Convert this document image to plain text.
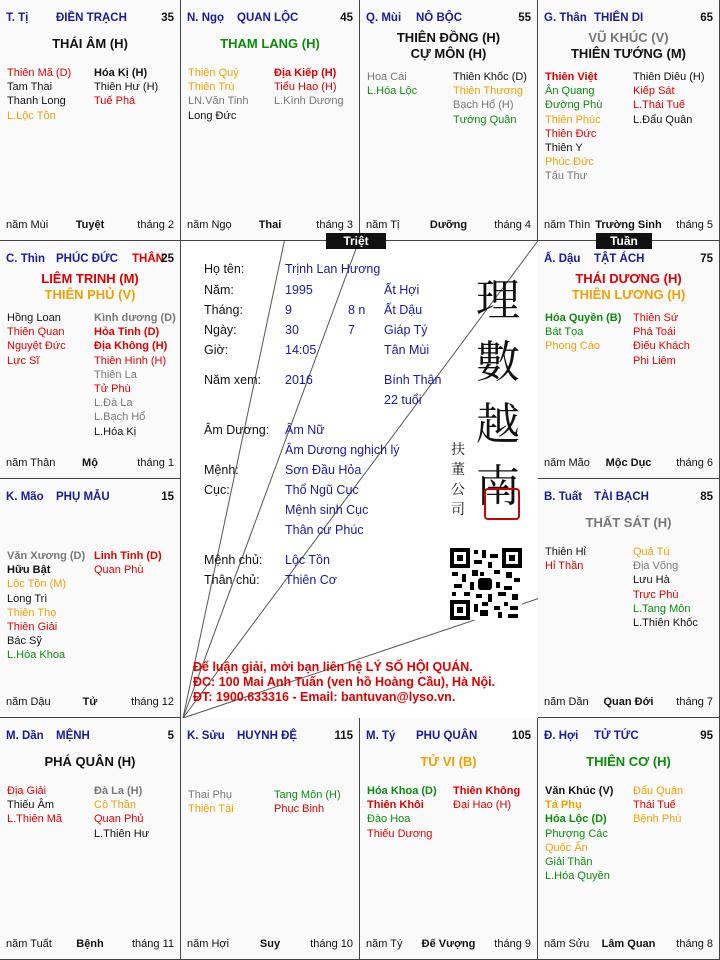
T. Tị ĐIỀN TRẠCH	35
THÁI ÂM (H)
Thiên Mã (D)
Tam Thai
Thanh Long
L.Lộc Tồn
Hóa Kị (H)
Thiên Hư (H)
Tuế Phá
năm Mùi	Tuyệt	tháng 2
N. Ngọ QUAN LỘC	45
THAM LANG (H)
Thiên Quý
Thiên Trù
LN.Văn Tinh
Long Đức
Địa Kiếp (H)
Tiểu Hao (H)
L.Kình Dương
năm Ngọ	Thai	tháng 3
Q. Mùi NÔ BỘC	55
THIÊN ĐỒNG (H)
CỰ MÔN (H)
Hoa Cái
L.Hóa Lộc
Thiên Khốc (D)
Thiên Thương
Bạch Hổ (H)
Tướng Quân
năm Tị	Dưỡng	tháng 4
G. Thân THIÊN DI	65
VŨ KHÚC (V)
THIÊN TƯỚNG (M)
Thiên Việt
Ân Quang
Đường Phù
Thiên Phúc
Thiên Đức
Thiên Y
Phúc Đức
Tấu Thư
Thiên Diêu (H)
Kiếp Sát
L.Thái Tuế
L.Đẩu Quân
năm Thìn Trường Sinh	tháng 5
C. Thìn PHÚC ĐỨC THÂN
25
LIÊM TRINH (M)
THIÊN PHỦ (V)
Hồng Loan
Thiên Quan
Nguyệt Đức
Lực Sĩ
Kình dương (D)
Hỏa Tinh (D)
Địa Không (H)
Thiên Hình (H)
Thiên La
Tử Phù
L.Đà La
L.Bạch Hổ
L.Hóa Kị
năm Thân	Mộ	tháng 1
Ấ. Dậu TẬT ÁCH	75
THÁI DƯƠNG (H)
THIÊN LƯƠNG (H)
Hóa Quyền (B)
Bát Tọa
Phong Cáo
Thiên Sứ
Phá Toái
Điếu Khách
Phi Liêm
năm Mão	Mộc Dục	tháng 6
K. Mão PHỤ MẪU	15
Văn Xương (D)
Hữu Bật
Lộc Tồn (M)
Long Trì
Thiên Thọ
Thiên Giải
Bác Sỹ
L.Hóa Khoa
Linh Tinh (D)
Quan Phù
năm Dậu	Tử	tháng 12
B. Tuất TÀI BẠCH	85
THẤT SÁT (H)
Thiên Hỉ
Hỉ Thần
Quả Tú
Địa Võng
Lưu Hà
Trực Phù
L.Tang Môn
L.Thiên Khốc
năm Dần	Quan Đới	tháng 7
M. Dần MỆNH	5
PHÁ QUÂN (H)
Địa Giải
Thiếu Âm
L.Thiên Mã
Đà La (H)
Cô Thần
Quan Phủ
L.Thiên Hư
năm Tuất	Bệnh	tháng 11
K. Sửu HUYNH ĐỆ	115
Thai Phụ
Thiên Tài
Tang Môn (H)
Phục Binh
năm Hợi	Suy	tháng 10
M. Tý PHU QUÂN	105
TỬ VI (B)
Hóa Khoa (D)
Thiên Khôi
Đào Hoa
Thiếu Dương
Thiên Không
Đại Hao (H)
năm Tý	Đế Vượng	tháng 9
Đ. Hợi TỬ TỨC	95
THIÊN CƠ (H)
Văn Khúc (V)
Tả Phụ
Hóa Lộc (D)
Phượng Các
Quốc Ấn
Giải Thần
L.Hóa Quyền
Đẩu Quân
Thái Tuế
Bệnh Phù
năm Sửu	Lâm Quan	tháng 8
Triệt	Tuần
Họ tên:	Trịnh Lan Hương
Năm:	1995	Ất Hợi
Tháng:	9	8 n Ất Dậu
Ngày:	30	7 Giáp Tý
Giờ:	14:05	Tân Mùi
Năm xem: 2016	Bính Thân
22 tuổi
Âm Dương: Âm Nữ
Âm Dương nghịch lý
Mệnh:	Sơn Đầu Hỏa
Cục:	Thổ Ngũ Cục
Mệnh sinh Cục
Thân cư Phúc
Mệnh chủ: Lộc Tồn
Thân chủ: Thiên Cơ
理
數
越
南
扶
董
公
司
Để luận giải, mời bạn liên hệ LÝ SỐ HỘI QUÁN.
ĐC: 100 Mai Anh Tuấn (ven hồ Hoàng Cầu), Hà Nội.
ĐT: 1900.633316 - Email: bantuvan@lyso.vn.
